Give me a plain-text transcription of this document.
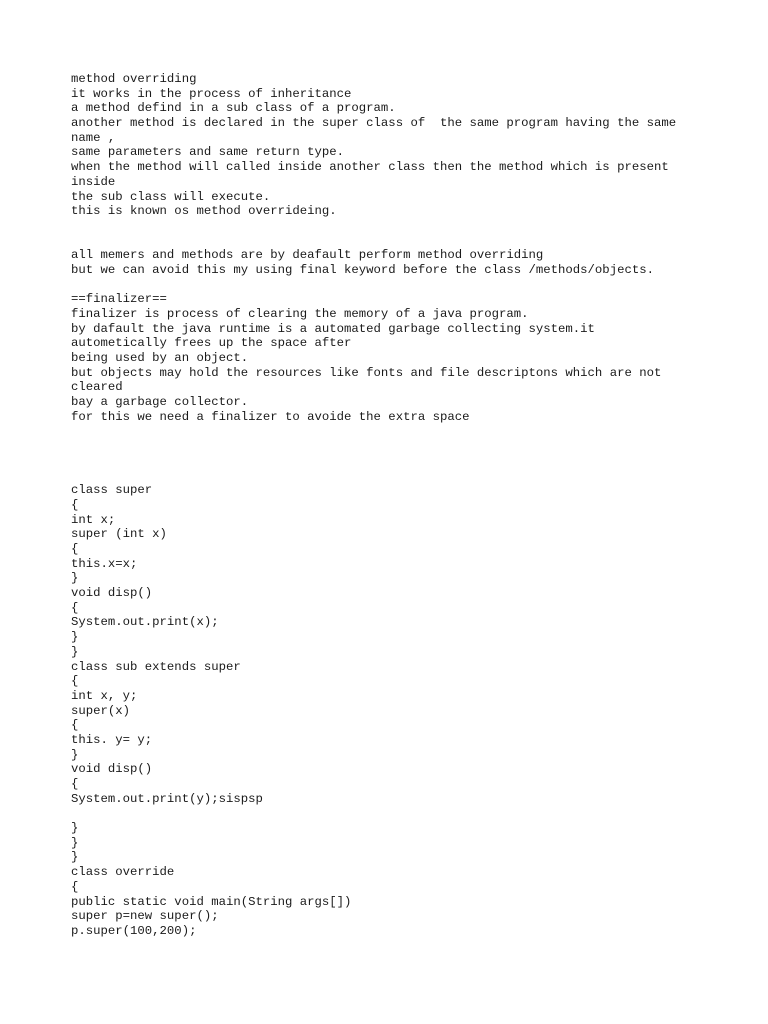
method overriding
it works in the process of inheritance
a method defind in a sub class of a program.
another method is declared in the super class of  the same program having the same
name ,
same parameters and same return type.
when the method will called inside another class then the method which is present
inside
the sub class will execute.
this is known os method overrideing.

all memers and methods are by deafault perform method overriding
but we can avoid this my using final keyword before the class /methods/objects.

==finalizer==
finalizer is process of clearing the memory of a java program.
by dafault the java runtime is a automated garbage collecting system.it
autometically frees up the space after
being used by an object.
but objects may hold the resources like fonts and file descriptons which are not
cleared
bay a garbage collector.
for this we need a finalizer to avoide the extra space

class super
{
int x;
super (int x)
{
this.x=x;
}
void disp()
{
System.out.print(x);
}
}
class sub extends super
{
int x, y;
super(x)
{
this. y= y;
}
void disp()
{
System.out.print(y);sispsp

}
}
}
class override
{
public static void main(String args[])
super p=new super();
p.super(100,200);
